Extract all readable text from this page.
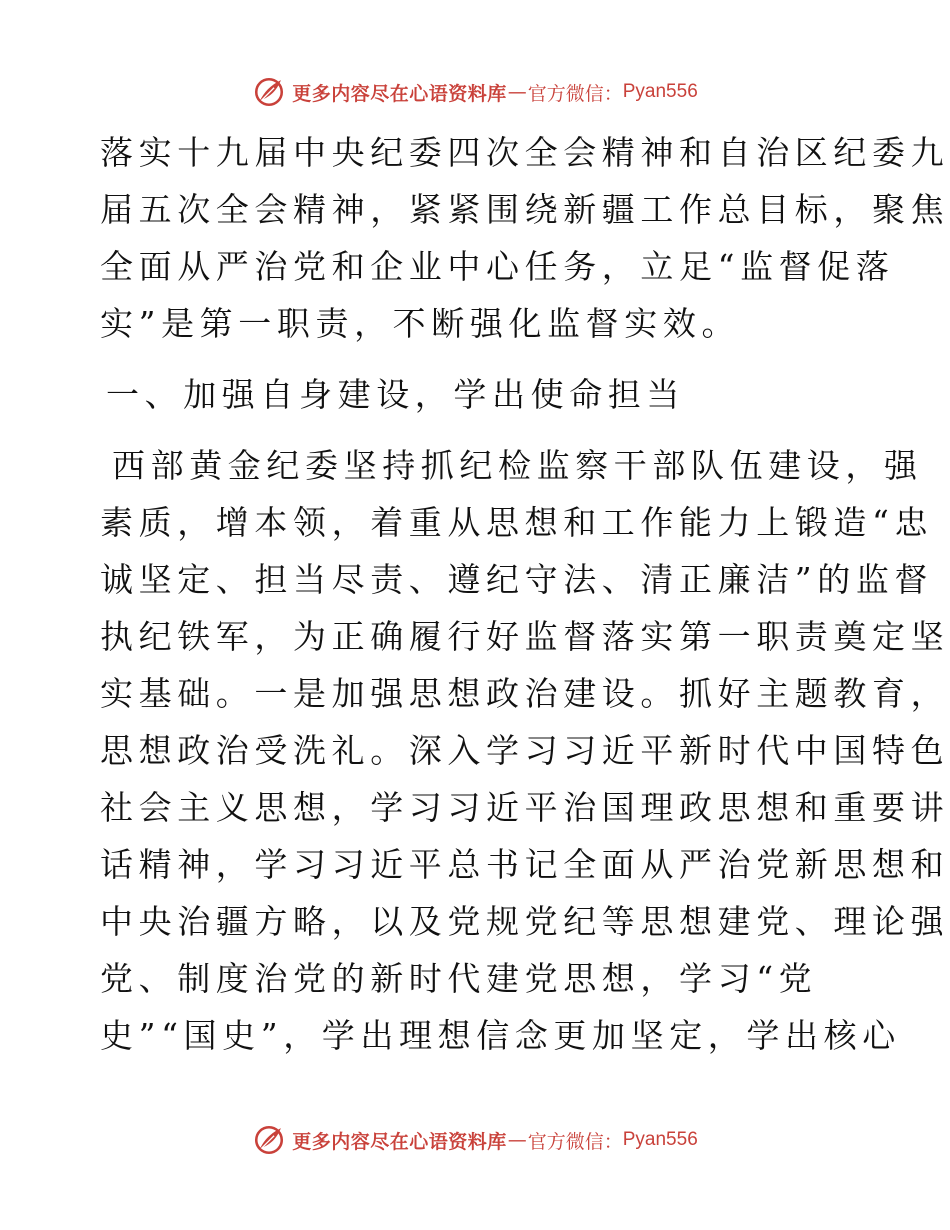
更多内容尽在心语资料库 — 官方微信： Pyan556
落实十九届中央纪委四次全会精神和自治区纪委九
届五次全会精神，紧紧围绕新疆工作总目标，聚焦
全面从严治党和企业中心任务，立足“监督促落
实”是第一职责，不断强化监督实效。
一、加强自身建设，学出使命担当
西部黄金纪委坚持抓纪检监察干部队伍建设，强
素质，增本领，着重从思想和工作能力上锻造“忠
诚坚定、担当尽责、遵纪守法、清正廉洁”的监督
执纪铁军，为正确履行好监督落实第一职责奠定坚
实基础。一是加强思想政治建设。抓好主题教育，
思想政治受洗礼。深入学习习近平新时代中国特色
社会主义思想，学习习近平治国理政思想和重要讲
话精神，学习习近平总书记全面从严治党新思想和
中央治疆方略，以及党规党纪等思想建党、理论强
党、制度治党的新时代建党思想，学习“党
史”“国史”，学出理想信念更加坚定，学出核心
更多内容尽在心语资料库 — 官方微信： Pyan556
